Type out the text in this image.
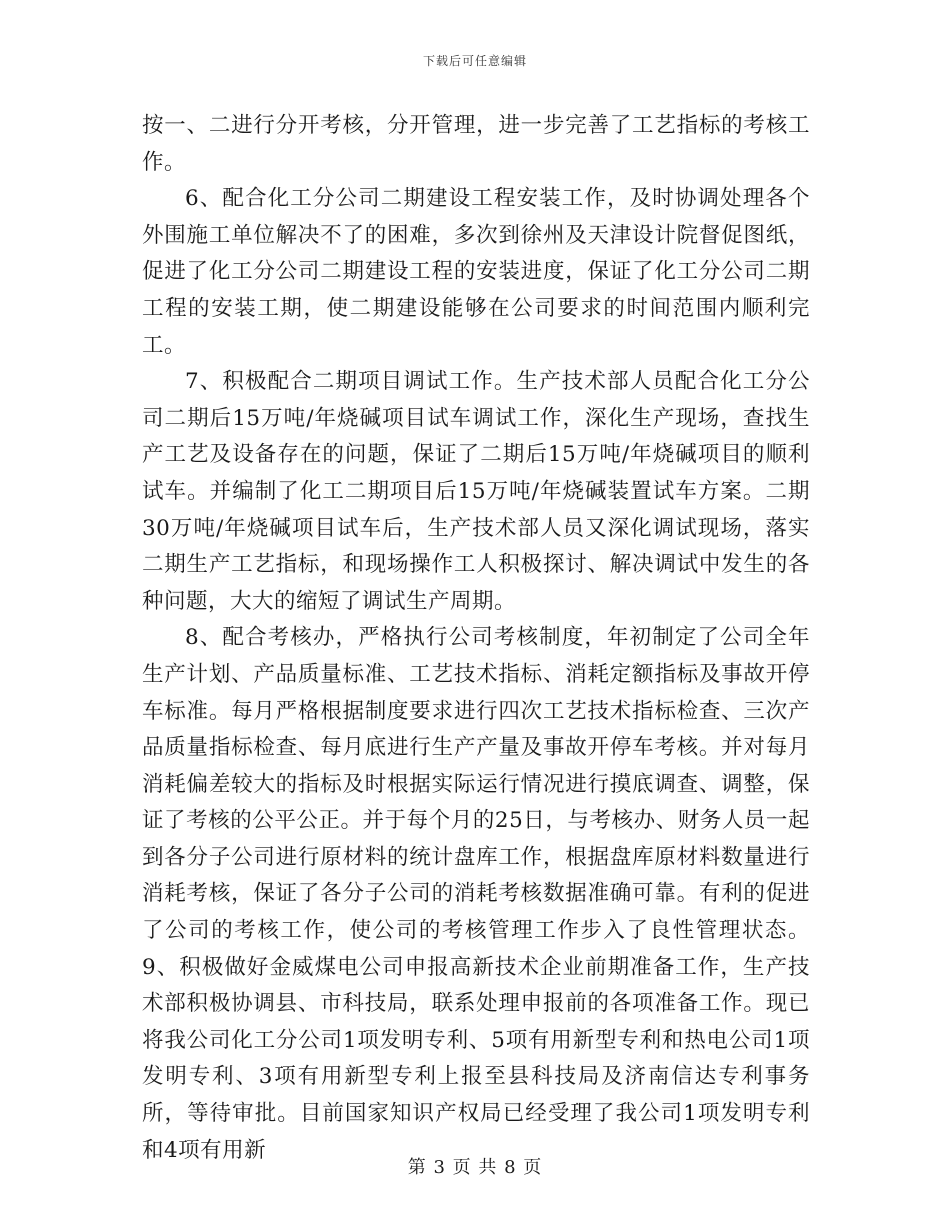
下载后可任意编辑

按一、二进行分开考核，分开管理，进一步完善了工艺指标的考核工作。

6、配合化工分公司二期建设工程安装工作，及时协调处理各个外围施工单位解决不了的困难，多次到徐州及天津设计院督促图纸，促进了化工分公司二期建设工程的安装进度，保证了化工分公司二期工程的安装工期，使二期建设能够在公司要求的时间范围内顺利完工。

7、积极配合二期项目调试工作。生产技术部人员配合化工分公司二期后15万吨/年烧碱项目试车调试工作，深化生产现场，查找生产工艺及设备存在的问题，保证了二期后15万吨/年烧碱项目的顺利试车。并编制了化工二期项目后15万吨/年烧碱装置试车方案。二期30万吨/年烧碱项目试车后，生产技术部人员又深化调试现场，落实二期生产工艺指标，和现场操作工人积极探讨、解决调试中发生的各种问题，大大的缩短了调试生产周期。

8、配合考核办，严格执行公司考核制度，年初制定了公司全年生产计划、产品质量标准、工艺技术指标、消耗定额指标及事故开停车标准。每月严格根据制度要求进行四次工艺技术指标检查、三次产品质量指标检查、每月底进行生产产量及事故开停车考核。并对每月消耗偏差较大的指标及时根据实际运行情况进行摸底调查、调整，保证了考核的公平公正。并于每个月的25日，与考核办、财务人员一起到各分子公司进行原材料的统计盘库工作，根据盘库原材料数量进行消耗考核，保证了各分子公司的消耗考核数据准确可靠。有利的促进了公司的考核工作，使公司的考核管理工作步入了良性管理状态。9、积极做好金威煤电公司申报高新技术企业前期准备工作，生产技术部积极协调县、市科技局，联系处理申报前的各项准备工作。现已将我公司化工分公司1项发明专利、5项有用新型专利和热电公司1项发明专利、3项有用新型专利上报至县科技局及济南信达专利事务所，等待审批。目前国家知识产权局已经受理了我公司1项发明专利和4项有用新

第 3 页 共 8 页
